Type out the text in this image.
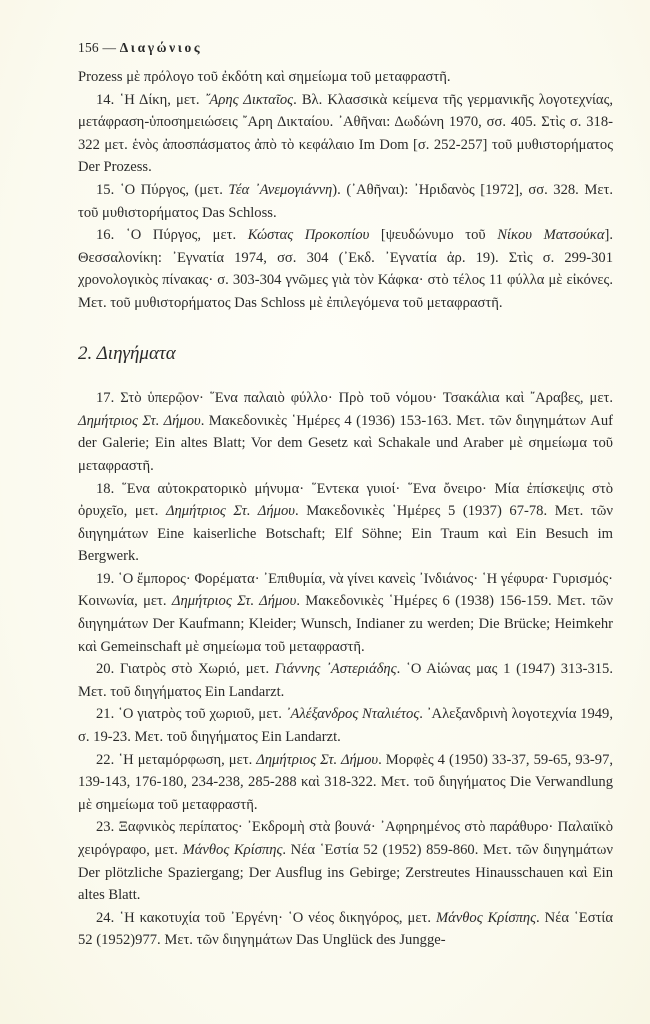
156 — Διαγώνιος

Prozess μὲ πρόλογο τοῦ ἐκδότη καὶ σημείωμα τοῦ μεταφραστῆ.

14. ῾Η Δίκη, μετ. ῎Αρης Δικταῖος. Βλ. Κλασσικὰ κείμενα τῆς γερμανικῆς λογοτεχνίας, μετάφραση-ὑποσημειώσεις ῎Αρη Δικταίου. ᾿Αθῆναι: Δωδώνη 1970, σσ. 405. Στὶς σ. 318-322 μετ. ἑνὸς ἀποσπάσματος ἀπὸ τὸ κεφάλαιο Im Dom [σ. 252-257] τοῦ μυθιστορήματος Der Prozess.

15. ῾Ο Πύργος, (μετ. Τέα ᾿Ανεμογιάννη). (᾿Αθῆναι): ᾿Ηριδανὸς [1972], σσ. 328. Μετ. τοῦ μυθιστορήματος Das Schloss.

16. ῾Ο Πύργος, μετ. Κώστας Προκοπίου [ψευδώνυμο τοῦ Νίκου Ματσούκα]. Θεσσαλονίκη: ᾿Εγνατία 1974, σσ. 304 (᾿Εκδ. ᾿Εγνατία ἀρ. 19). Στὶς σ. 299-301 χρονολογικὸς πίνακας· σ. 303-304 γνῶμες γιὰ τὸν Κάφκα· στὸ τέλος 11 φύλλα μὲ εἰκόνες. Μετ. τοῦ μυθιστορήματος Das Schloss μὲ ἐπιλεγόμενα τοῦ μεταφραστῆ.

2. Διηγήματα

17. Στὸ ὑπερῷον· ῞Ενα παλαιὸ φύλλο· Πρὸ τοῦ νόμου· Τσακάλια καὶ ῎Αραβες, μετ. Δημήτριος Στ. Δήμου. Μακεδονικὲς ῾Ημέρες 4 (1936) 153-163. Μετ. τῶν διηγημάτων Auf der Galerie; Ein altes Blatt; Vor dem Gesetz καὶ Schakale und Araber μὲ σημείωμα τοῦ μεταφραστῆ.

18. ῞Ενα αὐτοκρατορικὸ μήνυμα· ῞Εντεκα γυιοί· ῞Ενα ὄνειρο· Μία ἐπίσκεψις στὸ ὀρυχεῖο, μετ. Δημήτριος Στ. Δήμου. Μακεδονικὲς ῾Ημέρες 5 (1937) 67-78. Μετ. τῶν διηγημάτων Eine kaiserliche Botschaft; Elf Söhne; Ein Traum καὶ Ein Besuch im Bergwerk.

19. ῾Ο ἔμπορος· Φορέματα· ᾿Επιθυμία, νὰ γίνει κανεὶς ᾿Ινδιάνος· ῾Η γέφυρα· Γυρισμός· Κοινωνία, μετ. Δημήτριος Στ. Δήμου. Μακεδονικὲς ῾Ημέρες 6 (1938) 156-159. Μετ. τῶν διηγημάτων Der Kaufmann; Kleider; Wunsch, Indianer zu werden; Die Brücke; Heimkehr καὶ Gemeinschaft μὲ σημείωμα τοῦ μεταφραστῆ.

20. Γιατρὸς στὸ Χωριό, μετ. Γιάννης ᾿Αστεριάδης. ῾Ο Αἰώνας μας 1 (1947) 313-315. Μετ. τοῦ διηγήματος Ein Landarzt.

21. ῾Ο γιατρὸς τοῦ χωριοῦ, μετ. ᾿Αλέξανδρος Νταλιέτος. ᾿Αλεξανδρινὴ λογοτεχνία 1949, σ. 19-23. Μετ. τοῦ διηγήματος Ein Landarzt.

22. ῾Η μεταμόρφωση, μετ. Δημήτριος Στ. Δήμου. Μορφὲς 4 (1950) 33-37, 59-65, 93-97, 139-143, 176-180, 234-238, 285-288 καὶ 318-322. Μετ. τοῦ διηγήματος Die Verwandlung μὲ σημείωμα τοῦ μεταφραστῆ.

23. Ξαφνικὸς περίπατος· ᾿Εκδρομὴ στὰ βουνά· ᾿Αφηρημένος στὸ παράθυρο· Παλαιϊκὸ χειρόγραφο, μετ. Μάνθος Κρίσπης. Νέα ῾Εστία 52 (1952) 859-860. Μετ. τῶν διηγημάτων Der plötzliche Spaziergang; Der Ausflug ins Gebirge; Zerstreutes Hinausschauen καὶ Ein altes Blatt.

24. ῾Η κακοτυχία τοῦ ᾿Εργένη· ῾Ο νέος δικηγόρος, μετ. Μάνθος Κρίσπης. Νέα ῾Εστία 52 (1952)977. Μετ. τῶν διηγημάτων Das Unglück des Jungge-
